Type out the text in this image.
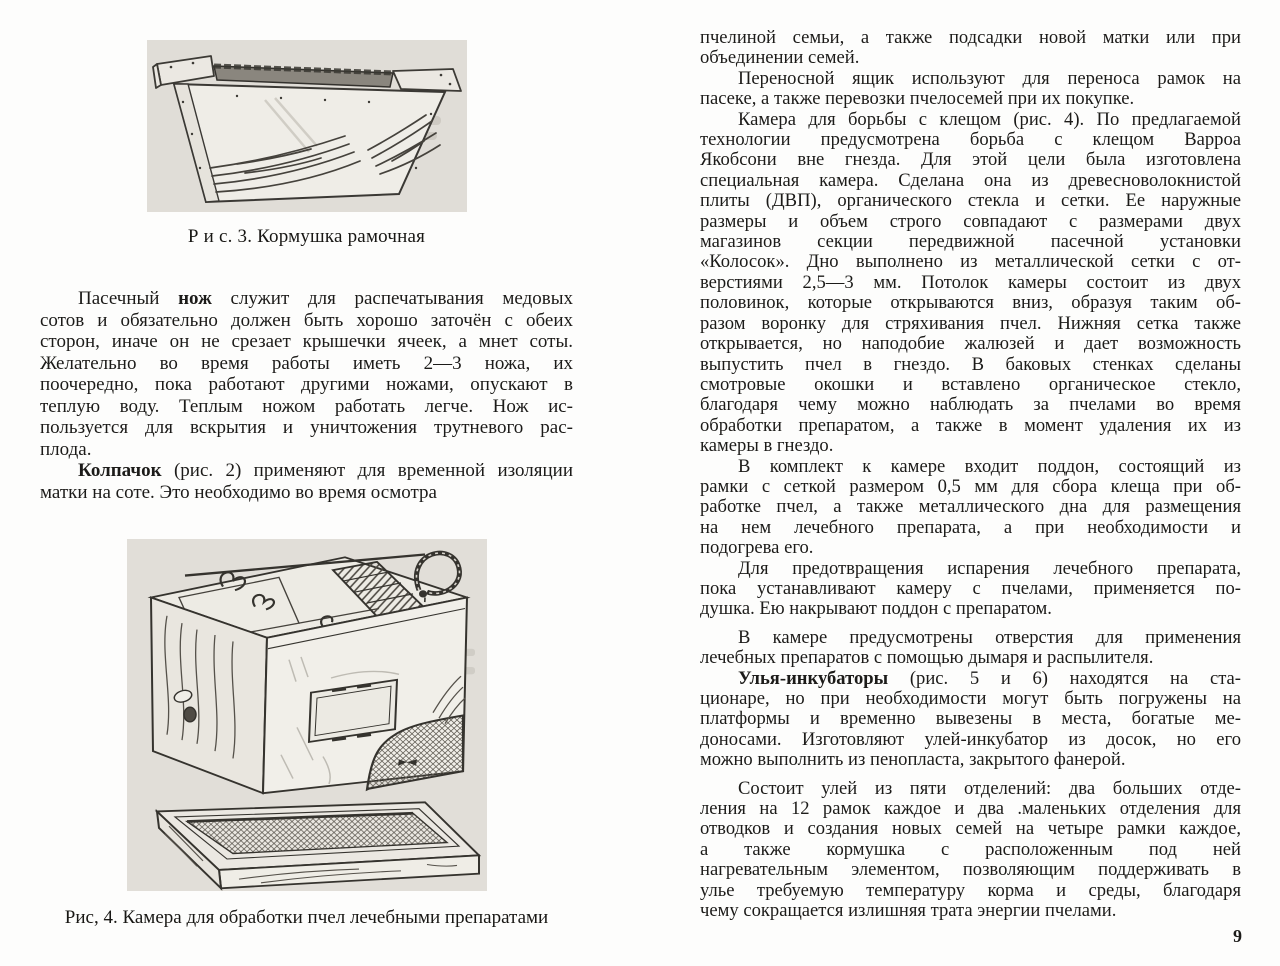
Р и с. 3. Кормушка рамочная
Пасечный нож служит для распечатывания медовых
сотов и обязательно должен быть хорошо заточён с обеих
сторон, иначе он не срезает крышечки ячеек, а мнет соты.
Желательно во время работы иметь 2—3 ножа, их
поочередно, пока работают другими ножами, опускают в
теплую воду. Теплым ножом работать легче. Нож ис-
пользуется для вскрытия и уничтожения трутневого рас-
плода.
Колпачок (рис. 2) применяют для временной изоляции
матки на соте. Это необходимо во время осмотра
Рис, 4. Камера для обработки пчел лечебными препаратами
пчелиной семьи, а также подсадки новой матки или при
объединении семей.
Переносной ящик используют для переноса рамок на
пасеке, а также перевозки пчелосемей при их покупке.
Камера для борьбы с клещом (рис. 4). По предлагаемой
технологии предусмотрена борьба с клещом Варроа
Якобсони вне гнезда. Для этой цели была изготовлена
специальная камера. Сделана она из древесноволокнистой
плиты (ДВП), органического стекла и сетки. Ее наружные
размеры и объем строго совпадают с размерами двух
магазинов секции передвижной пасечной установки
«Колосок». Дно выполнено из металлической сетки с от-
верстиями 2,5—3 мм. Потолок камеры состоит из двух
половинок, которые открываются вниз, образуя таким об-
разом воронку для стряхивания пчел. Нижняя сетка также
открывается, но наподобие жалюзей и дает возможность
выпустить пчел в гнездо. В баковых стенках сделаны
смотровые окошки и вставлено органическое стекло,
благодаря чему можно наблюдать за пчелами во время
обработки препаратом, а также в момент удаления их из
камеры в гнездо.
В комплект к камере входит поддон, состоящий из
рамки с сеткой размером 0,5 мм для сбора клеща при об-
работке пчел, а также металлического дна для размещения
на нем лечебного препарата, а при необходимости и
подогрева его.
Для предотвращения испарения лечебного препарата,
пока устанавливают камеру с пчелами, применяется по-
душка. Ею накрывают поддон с препаратом.
В камере предусмотрены отверстия для применения
лечебных препаратов с помощью дымаря и распылителя.
Улья-инкубаторы (рис. 5 и 6) находятся на ста-
ционаре, но при необходимости могут быть погружены на
платформы и временно вывезены в места, богатые ме-
доносами. Изготовляют улей-инкубатор из досок, но его
можно выполнить из пенопласта, закрытого фанерой.
Состоит улей из пяти отделений: два больших отде-
ления на 12 рамок каждое и два .маленьких отделения для
отводков и создания новых семей на четыре рамки каждое,
а также кормушка с расположенным под ней
нагревательным элементом, позволяющим поддерживать в
улье требуемую температуру корма и среды, благодаря
чему сокращается излишняя трата энергии пчелами.
9
